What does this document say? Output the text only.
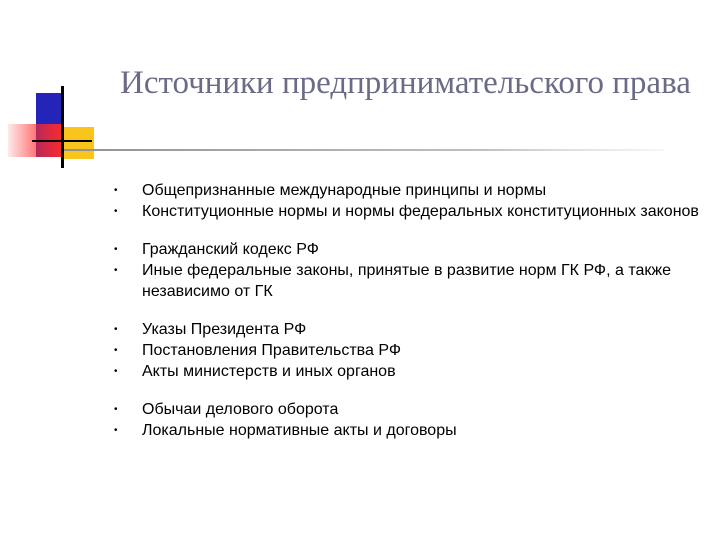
Источники предпринимательского права
•	Общепризнанные международные принципы и нормы
•	Конституционные нормы и нормы федеральных конституционных законов
•	Гражданский кодекс РФ
•	Иные федеральные законы, принятые в развитие норм ГК РФ, а также независимо от ГК
•	Указы Президента РФ
•	Постановления Правительства РФ
•	Акты министерств и иных органов
•	Обычаи делового оборота
•	Локальные нормативные акты и договоры
